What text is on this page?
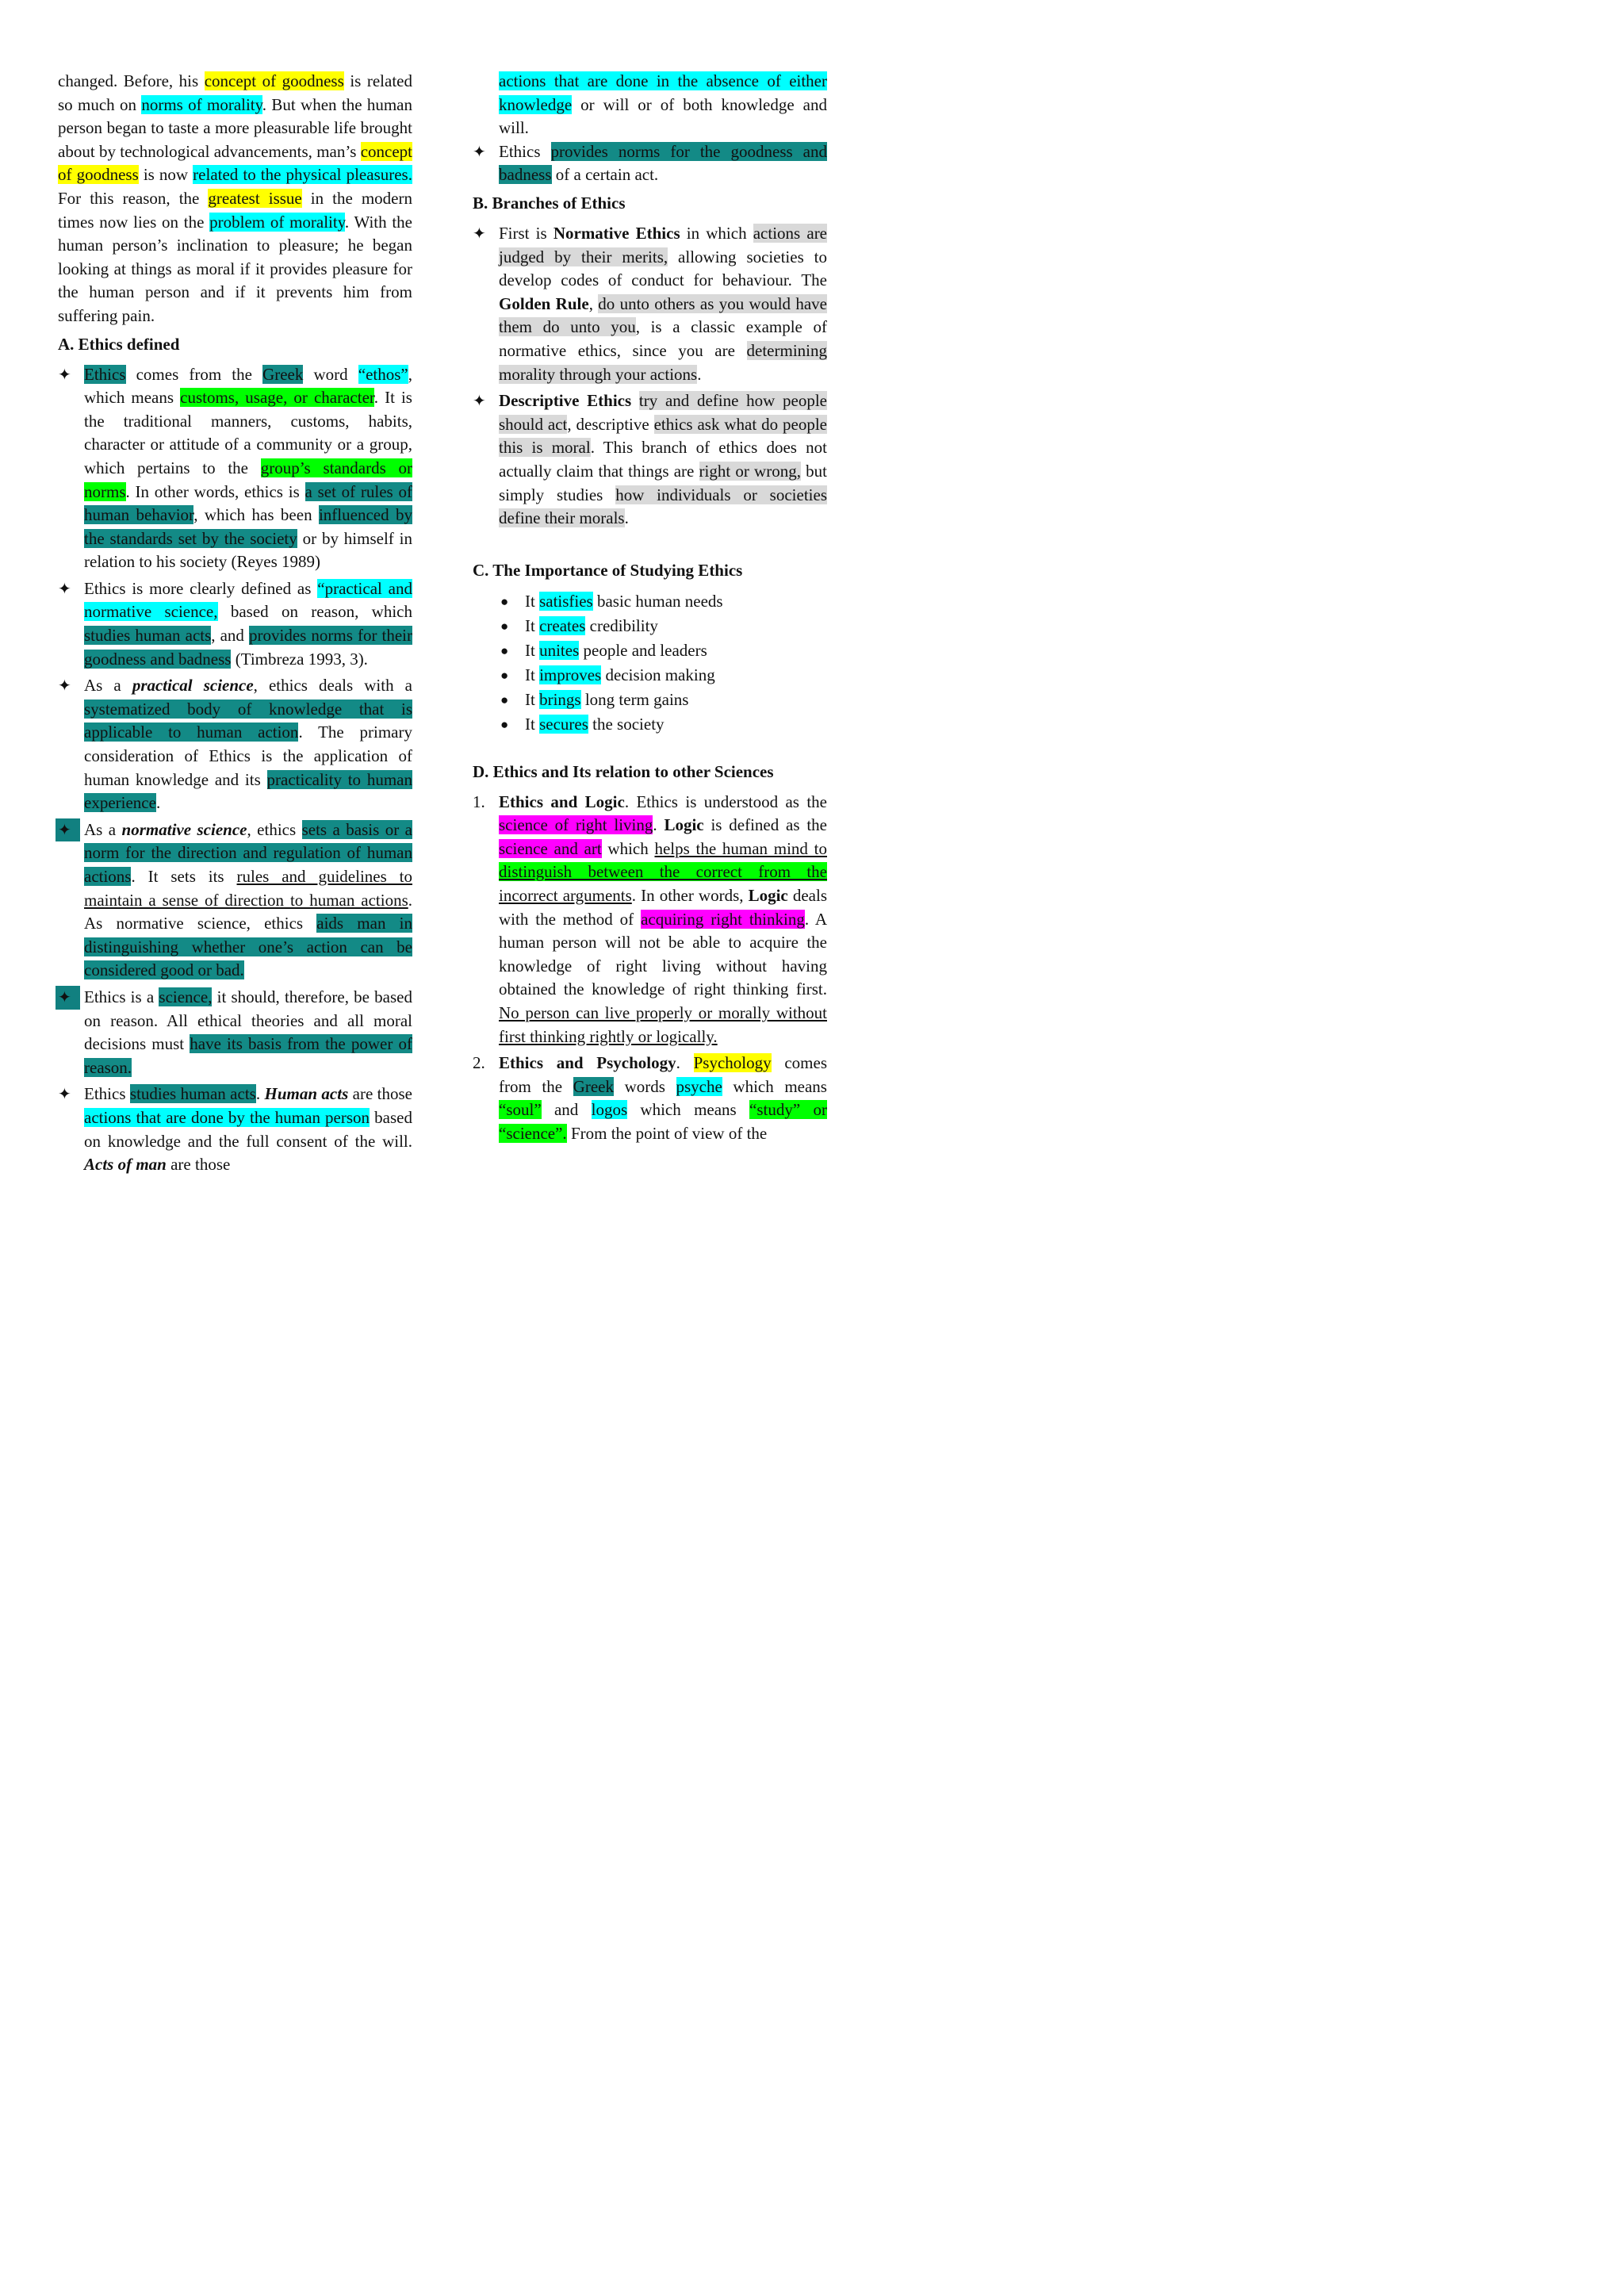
changed. Before, his concept of goodness is related so much on norms of morality. But when the human person began to taste a more pleasurable life brought about by technological advancements, man’s concept of goodness is now related to the physical pleasures. For this reason, the greatest issue in the modern times now lies on the problem of morality. With the human person’s inclination to pleasure; he began looking at things as moral if it provides pleasure for the human person and if it prevents him from suffering pain.

A. Ethics defined
✦ Ethics comes from the Greek word “ethos”, which means customs, usage, or character. It is the traditional manners, customs, habits, character or attitude of a community or a group, which pertains to the group’s standards or norms. In other words, ethics is a set of rules of human behavior, which has been influenced by the standards set by the society or by himself in relation to his society (Reyes 1989)

✦ Ethics is more clearly defined as “practical and normative science, based on reason, which studies human acts, and provides norms for their goodness and badness (Timbreza 1993, 3).

✦ As a practical science, ethics deals with a systematized body of knowledge that is applicable to human action. The primary consideration of Ethics is the application of human knowledge and its practicality to human experience.

✦ As a normative science, ethics sets a basis or a norm for the direction and regulation of human actions. It sets its rules and guidelines to maintain a sense of direction to human actions. As normative science, ethics aids man in distinguishing whether one’s action can be considered good or bad.

✦ Ethics is a science, it should, therefore, be based on reason. All ethical theories and all moral decisions must have its basis from the power of reason.

✦ Ethics studies human acts. Human acts are those actions that are done by the human person based on knowledge and the full consent of the will. Acts of man are those

actions that are done in the absence of either knowledge or will or of both knowledge and will.

✦ Ethics provides norms for the goodness and badness of a certain act.

B. Branches of Ethics
✦ First is Normative Ethics in which actions are judged by their merits, allowing societies to develop codes of conduct for behaviour. The Golden Rule, do unto others as you would have them do unto you, is a classic example of normative ethics, since you are determining morality through your actions.

✦ Descriptive Ethics try and define how people should act, descriptive ethics ask what do people this is moral. This branch of ethics does not actually claim that things are right or wrong, but simply studies how individuals or societies define their morals.

C. The Importance of Studying Ethics
● It satisfies basic human needs
● It creates credibility
● It unites people and leaders
● It improves decision making
● It brings long term gains
● It secures the society
D. Ethics and Its relation to other Sciences
1. Ethics and Logic. Ethics is understood as the science of right living. Logic is defined as the science and art which helps the human mind to distinguish between the correct from the incorrect arguments. In other words, Logic deals with the method of acquiring right thinking. A human person will not be able to acquire the knowledge of right living without having obtained the knowledge of right thinking first. No person can live properly or morally without first thinking rightly or logically.

2. Ethics and Psychology. Psychology comes from the Greek words psyche which means “soul” and logos which means “study” or “science”. From the point of view of the
